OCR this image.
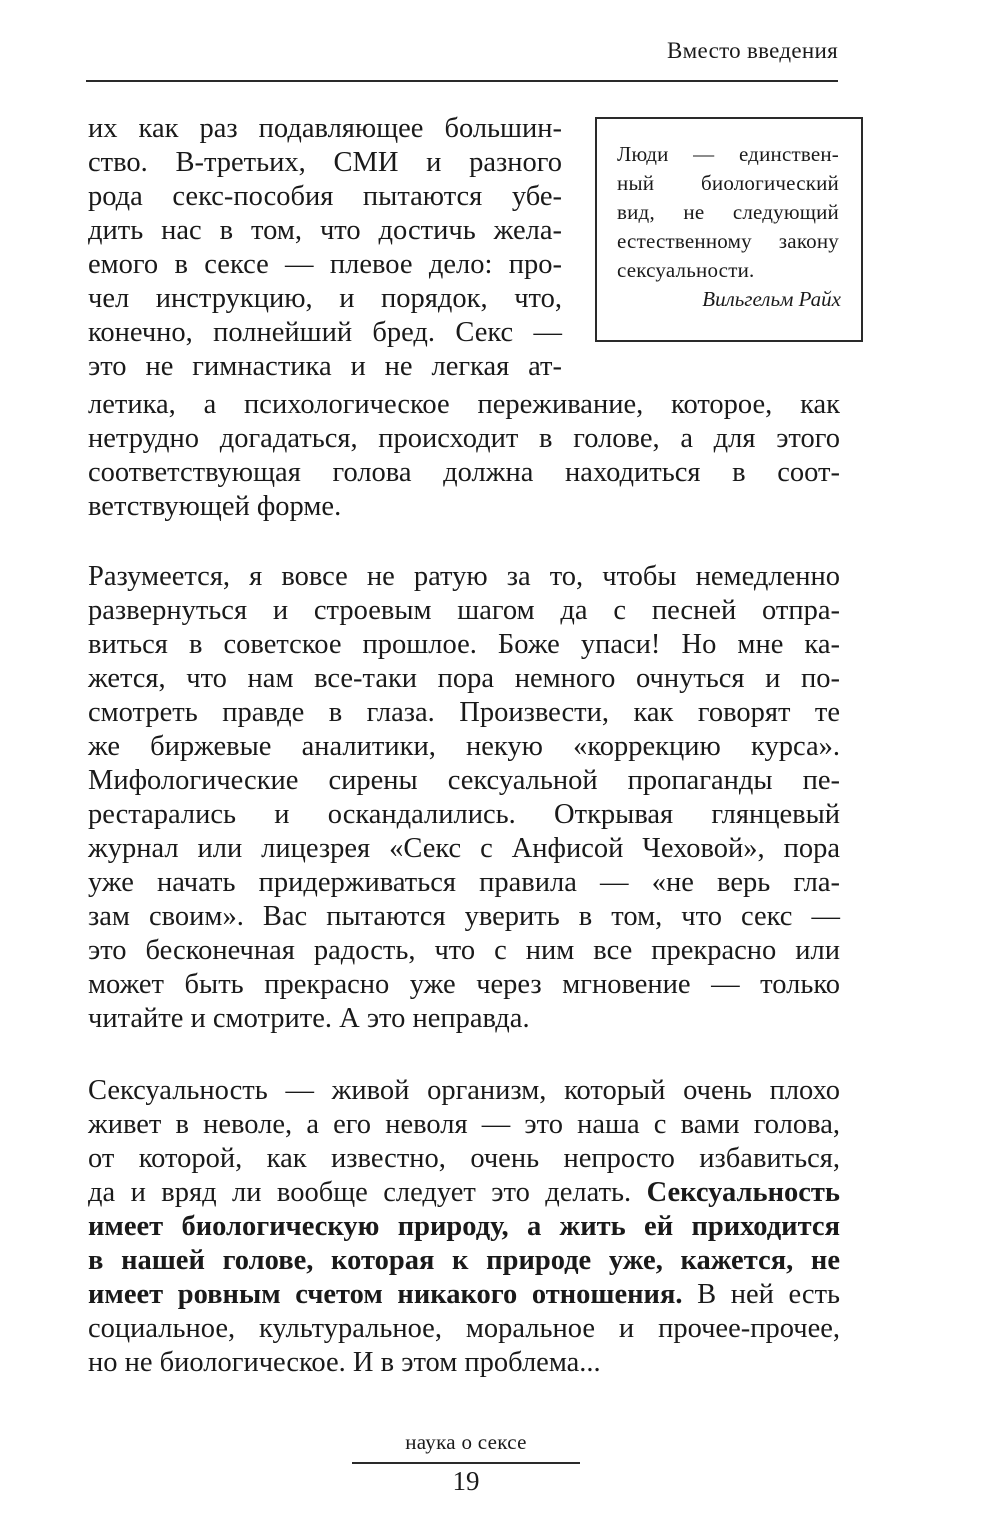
Вместо введения
Люди — единствен-
ный биологический
вид, не следующий
естественному закону
сексуальности.
Вильгельм Райх
их как раз подавляющее большин-
ство. В-третьих, СМИ и разного
рода секс-пособия пытаются убе-
дить нас в том, что достичь жела-
емого в сексе — плевое дело: про-
чел инструкцию, и порядок, что,
конечно, полнейший бред. Секс —
это не гимнастика и не легкая ат-
летика, а психологическое переживание, которое, как
нетрудно догадаться, происходит в голове, а для этого
соответствующая голова должна находиться в соот-
ветствующей форме.
Разумеется, я вовсе не ратую за то, чтобы немедленно
развернуться и строевым шагом да с песней отпра-
виться в советское прошлое. Боже упаси! Но мне ка-
жется, что нам все-таки пора немного очнуться и по-
смотреть правде в глаза. Произвести, как говорят те
же биржевые аналитики, некую «коррекцию курса».
Мифологические сирены сексуальной пропаганды пе-
рестарались и оскандалились. Открывая глянцевый
журнал или лицезрея «Секс с Анфисой Чеховой», пора
уже начать придерживаться правила — «не верь гла-
зам своим». Вас пытаются уверить в том, что секс —
это бесконечная радость, что с ним все прекрасно или
может быть прекрасно уже через мгновение — только
читайте и смотрите. А это неправда.
Сексуальность — живой организм, который очень плохо
живет в неволе, а его неволя — это наша с вами голова,
от которой, как известно, очень непросто избавиться,
да и вряд ли вообще следует это делать. Сексуальность
имеет биологическую природу, а жить ей приходится
в нашей голове, которая к природе уже, кажется, не
имеет ровным счетом никакого отношения. В ней есть
социальное, культуральное, моральное и прочее-прочее,
но не биологическое. И в этом проблема...
наука о сексе
19
